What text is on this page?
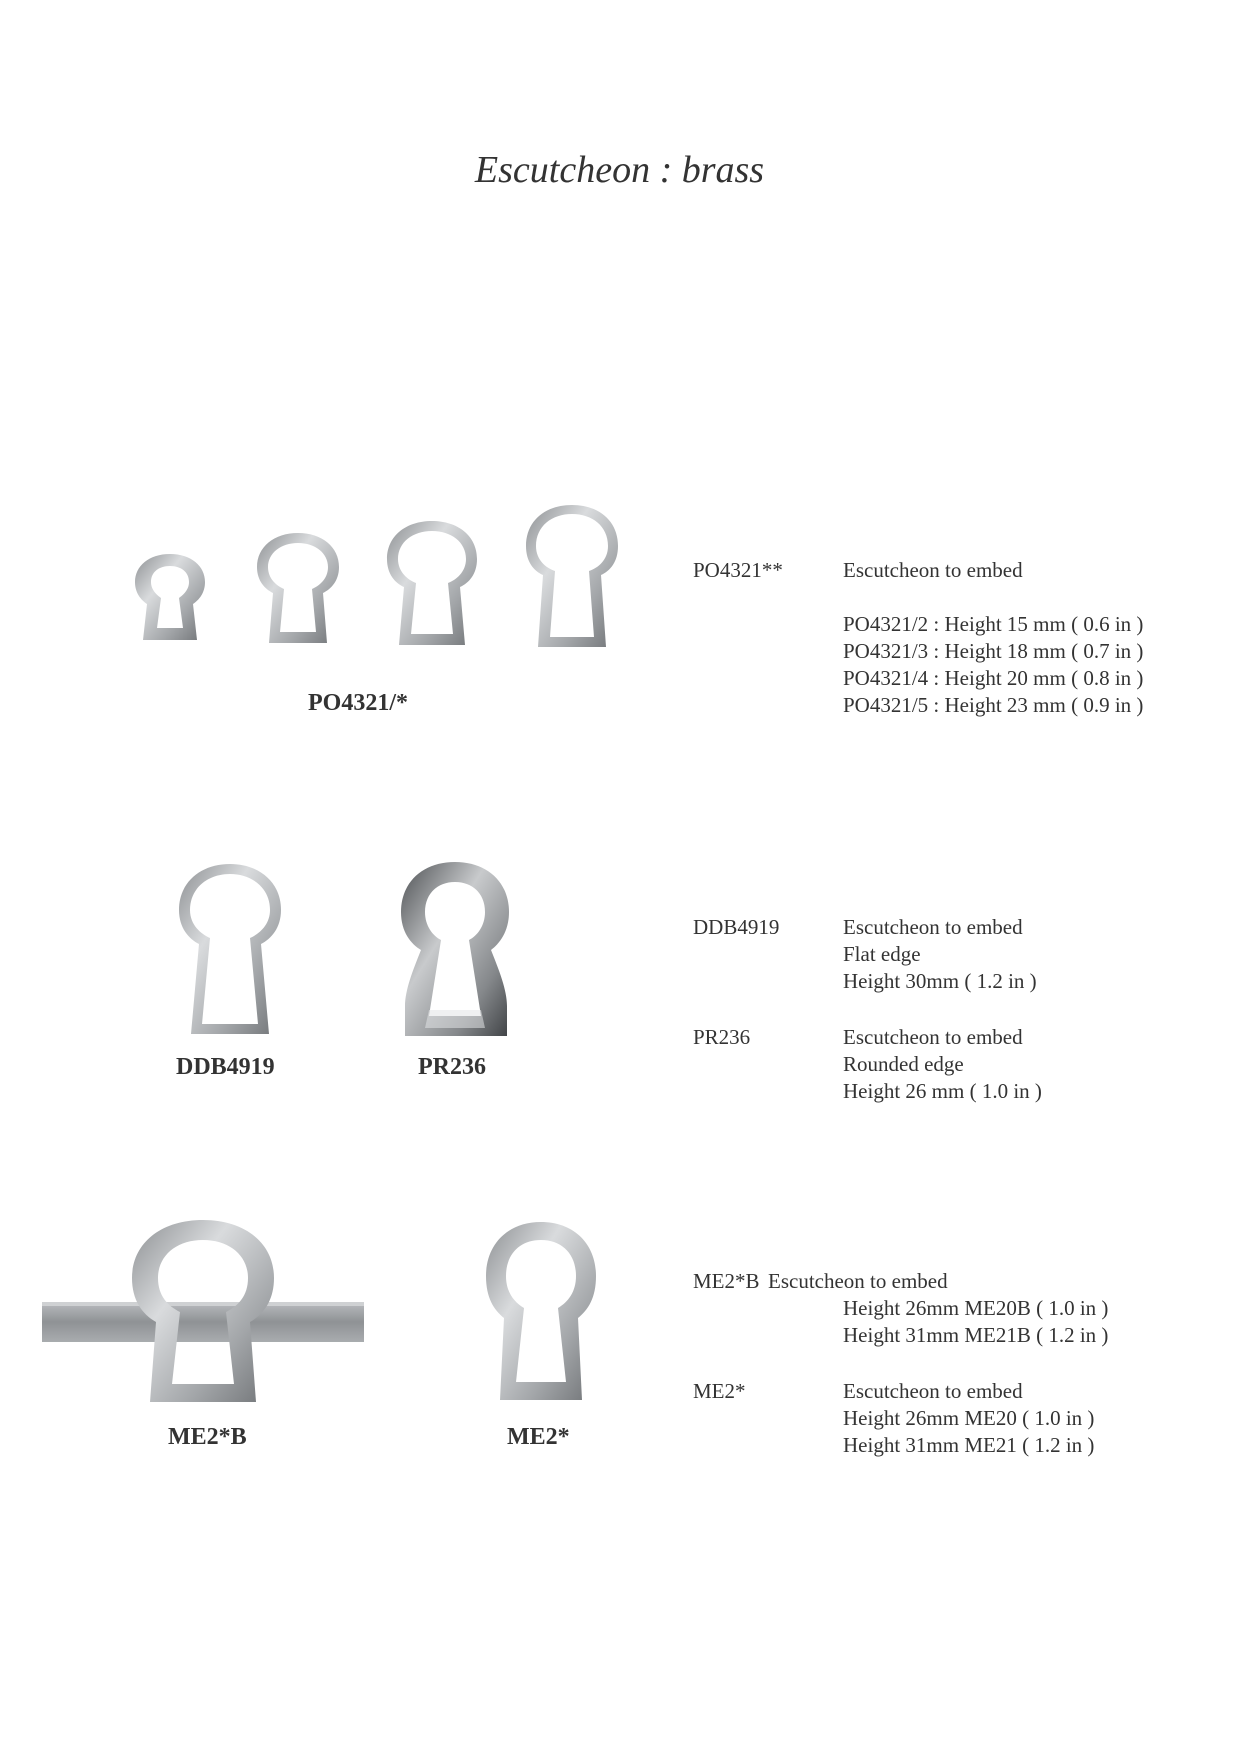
Escutcheon : brass
PO4321/*
PO4321**	Escutcheon to embed
PO4321/2 : Height 15 mm ( 0.6 in )
PO4321/3 : Height 18 mm ( 0.7 in )
PO4321/4 : Height 20 mm ( 0.8 in )
PO4321/5 : Height 23 mm ( 0.9 in )
DDB4919	PR236
DDB4919	Escutcheon to embed
Flat edge
Height 30mm ( 1.2 in )
PR236	Escutcheon to embed
Rounded edge
Height 26 mm ( 1.0 in )
ME2*B	ME2*
ME2*B Escutcheon to embed
Height 26mm ME20B ( 1.0 in )
Height 31mm ME21B ( 1.2 in )
ME2*	Escutcheon to embed
Height 26mm ME20 ( 1.0 in )
Height 31mm ME21 ( 1.2 in )
